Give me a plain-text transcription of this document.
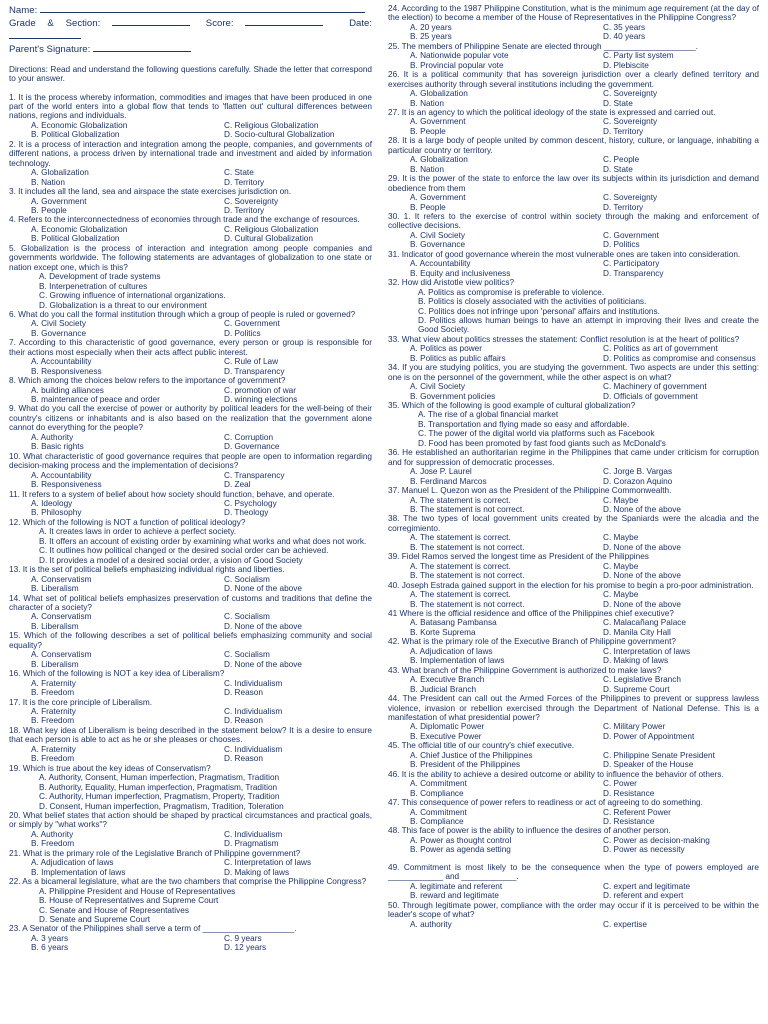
Name:
Grade & Section:	Score:	Date:
Parent's Signature:
Directions: Read and understand the following questions carefully. Shade the letter that correspond to your answer.
1. It is the process whereby information, commodities and images that have been produced in one part of the world enters into a global flow that tends to 'flatten out' cultural differences between nations, regions and individuals.
A. Economic Globalization	C. Religious Globalization
B. Political Globalization	D. Socio-cultural Globalization
2. It is a process of interaction and integration among the people, companies, and governments of different nations, a process driven by international trade and investment and aided by information technology.
A. Globalization	C. State
B. Nation	D. Territory
3. It includes all the land, sea and airspace the state exercises jurisdiction on.
A. Government	C. Sovereignty
B. People	D. Territory
4. Refers to the interconnectedness of economies through trade and the exchange of resources.
A. Economic Globalization	C. Religious Globalization
B. Political Globalization	D. Cultural Globalization
5. Globalization is the process of interaction and integration among people companies and governments worldwide. The following statements are advantages of globalization to one state or nation except one, which is this?
A. Development of trade systems
B. Interpenetration of cultures
C. Growing influence of international organizations.
D. Globalization is a threat to our environment
6. What do you call the formal institution through which a group of people is ruled or governed?
A. Civil Society	C. Government
B. Governance	D. Politics
7. According to this characteristic of good governance, every person or group is responsible for their actions most especially when their acts affect public interest.
A. Accountability	C. Rule of Law
B. Responsiveness	D. Transparency
8. Which among the choices below refers to the importance of government?
A. building alliances	C. promotion of war
B. maintenance of peace and order	D. winning elections
9. What do you call the exercise of power or authority by political leaders for the well-being of their country's citizens or inhabitants and is also based on the realization that the government alone cannot do everything for the people?
A. Authority	C. Corruption
B. Basic rights	D. Governance
10. What characteristic of good governance requires that people are open to information regarding decision-making process and the implementation of decisions?
A. Accountability	C. Transparency
B. Responsiveness	D. Zeal
11. It refers to a system of belief about how society should function, behave, and operate.
A. Ideology	C. Psychology
B. Philosophy	D. Theology
12. Which of the following is NOT a function of political ideology?
A. It creates laws in order to achieve a perfect society.
B. It offers an account of existing order by examining what works and what does not work.
C. It outlines how political changed or the desired social order can be achieved.
D. It provides a model of a desired social order, a vision of Good Society
13. It is the set of political beliefs emphasizing individual rights and liberties.
A. Conservatism	C. Socialism
B. Liberalism	D. None of the above
14. What set of political beliefs emphasizes preservation of customs and traditions that define the character of a society?
A. Conservatism	C. Socialism
B. Liberalism	D. None of the above
15. Which of the following describes a set of political beliefs emphasizing community and social equality?
A. Conservatism	C. Socialism
B. Liberalism	D. None of the above
16. Which of the following is NOT a key idea of Liberalism?
A. Fraternity	C. Individualism
B. Freedom	D. Reason
17. It is the core principle of Liberalism.
A. Fraternity	C. Individualism
B. Freedom	D. Reason
18. What key idea of Liberalism is being described in the statement below? It is a desire to ensure that each person is able to act as he or she pleases or chooses.
A. Fraternity	C. Individualism
B. Freedom	D. Reason
19. Which is true about the key ideas of Conservatism?
A. Authority, Consent, Human imperfection, Pragmatism, Tradition
B. Authority, Equality, Human imperfection, Pragmatism, Tradition
C. Authority, Human imperfection, Pragmatism, Property, Tradition
D. Consent, Human imperfection, Pragmatism, Tradition, Toleration
20. What belief states that action should be shaped by practical circumstances and practical goals, or simply by "what works"?
A. Authority	C. Individualism
B. Freedom	D. Pragmatism
21. What is the primary role of the Legislative Branch of Philippine government?
A. Adjudication of laws	C. Interpretation of laws
B. Implementation of laws	D. Making of laws
22. As a bicameral legislature, what are the two chambers that comprise the Philippine Congress?
A. Philippine President and House of Representatives
B. House of Representatives and Supreme Court
C. Senate and House of Representatives
D. Senate and Supreme Court
23. A Senator of the Philippines shall serve a term of ____________________.
A. 3 years	C. 9 years
B. 6 years	D. 12 years
24. According to the 1987 Philippine Constitution, what is the minimum age requirement (at the day of the election) to become a member of the House of Representatives in the Philippine Congress?
A. 20 years	C. 35 years
B. 25 years	D. 40 years
25. The members of Philippine Senate are elected through ____________________.
A. Nationwide popular vote	C. Party list system
B. Provincial popular vote	D. Plebiscite
26. It is a political community that has sovereign jurisdiction over a clearly defined territory and exercises authority through several institutions including the government.
A. Globalization	C. Sovereignty
B. Nation	D. State
27. It is an agency to which the political ideology of the state is expressed and carried out.
A. Government	C. Sovereignty
B. People	D. Territory
28. It is a large body of people united by common descent, history, culture, or language, inhabiting a particular country or territory.
A. Globalization	C. People
B. Nation	D. State
29. It is the power of the state to enforce the law over its subjects within its jurisdiction and demand obedience from them
A. Government	C. Sovereignty
B. People	D. Territory
30. 1. It refers to the exercise of control within society through the making and enforcement of collective decisions.
A. Civil Society	C. Government
B. Governance	D. Politics
31. Indicator of good governance wherein the most vulnerable ones are taken into consideration.
A. Accountability	C. Participatory
B. Equity and inclusiveness	D. Transparency
32. How did Aristotle view politics?
A. Politics as compromise is preferable to violence.
B. Politics is closely associated with the activities of politicians.
C. Politics does not infringe upon 'personal' affairs and institutions.
D. Politics allows human beings to have an attempt in improving their lives and create the Good Society.
33. What view about politics stresses the statement: Conflict resolution is at the heart of politics?
A. Politics as power	C. Politics as art of government
B. Politics as public affairs	D. Politics as compromise and consensus
34. If you are studying politics, you are studying the government. Two aspects are under this setting: one is on the personnel of the government, while the other aspect is on what?
A. Civil Society	C. Machinery of government
B. Government policies	D. Officials of government
35. Which of the following is good example of cultural globalization?
A. The rise of a global financial market
B. Transportation and flying made so easy and affordable.
C. The power of the digital world via platforms such as Facebook
D. Food has been promoted by fast food giants such as McDonald's
36. He established an authoritarian regime in the Philippines that came under criticism for corruption and for suppression of democratic processes.
A. Jose P. Laurel	C. Jorge B. Vargas
B. Ferdinand Marcos	D. Corazon Aquino
37. Manuel L. Quezon won as the President of the Philippine Commonwealth.
A. The statement is correct.	C. Maybe
B. The statement is not correct.	D. None of the above
38. The two types of local government units created by the Spaniards were the alcadia and the corregimiento.
A. The statement is correct.	C. Maybe
B. The statement is not correct.	D. None of the above
39. Fidel Ramos served the longest time as President of the Philippines
A. The statement is correct.	C. Maybe
B. The statement is not correct.	D. None of the above
40. Joseph Estrada gained support in the election for his promise to begin a pro-poor administration.
A. The statement is correct.	C. Maybe
B. The statement is not correct.	D. None of the above
41 Where is the official residence and office of the Philippines chief executive?
A. Batasang Pambansa	C. Malacañang Palace
B. Korte Suprema	D. Manila City Hall
42. What is the primary role of the Executive Branch of Philippine government?
A. Adjudication of laws	C. Interpretation of laws
B. Implementation of laws	D. Making of laws
43. What branch of the Philippine Government is authorized to make laws?
A. Executive Branch	C. Legislative Branch
B. Judicial Branch	D. Supreme Court
44. The President can call out the Armed Forces of the Philippines to prevent or suppress lawless violence, invasion or rebellion exercised through the Department of National Defense. This is a manifestation of what presidential power?
A. Diplomatic Power	C. Military Power
B. Executive Power	D. Power of Appointment
45. The official title of our country's chief executive.
A. Chief Justice of the Philippines	C. Philippine Senate President
B. President of the Philippines	D. Speaker of the House
46. It is the ability to achieve a desired outcome or ability to influence the behavior of others.
A. Commitment	C. Power
B. Compliance	D. Resistance
47. This consequence of power refers to readiness or act of agreeing to do something.
A. Commitment	C. Referent Power
B. Compliance	D. Resistance
48. This face of power is the ability to influence the desires of another person.
A. Power as thought control	C. Power as decision-making
B. Power as agenda setting	D. Power as necessity
49. Commitment is most likely to be the consequence when the type of powers employed are ____________ and ____________.
A. legitimate and referent	C. expert and legitimate
B. reward and legitimate	D. referent and expert
50. Through legitimate power, compliance with the order may occur if it is perceived to be within the leader's scope of what?
A. authority	C. expertise
